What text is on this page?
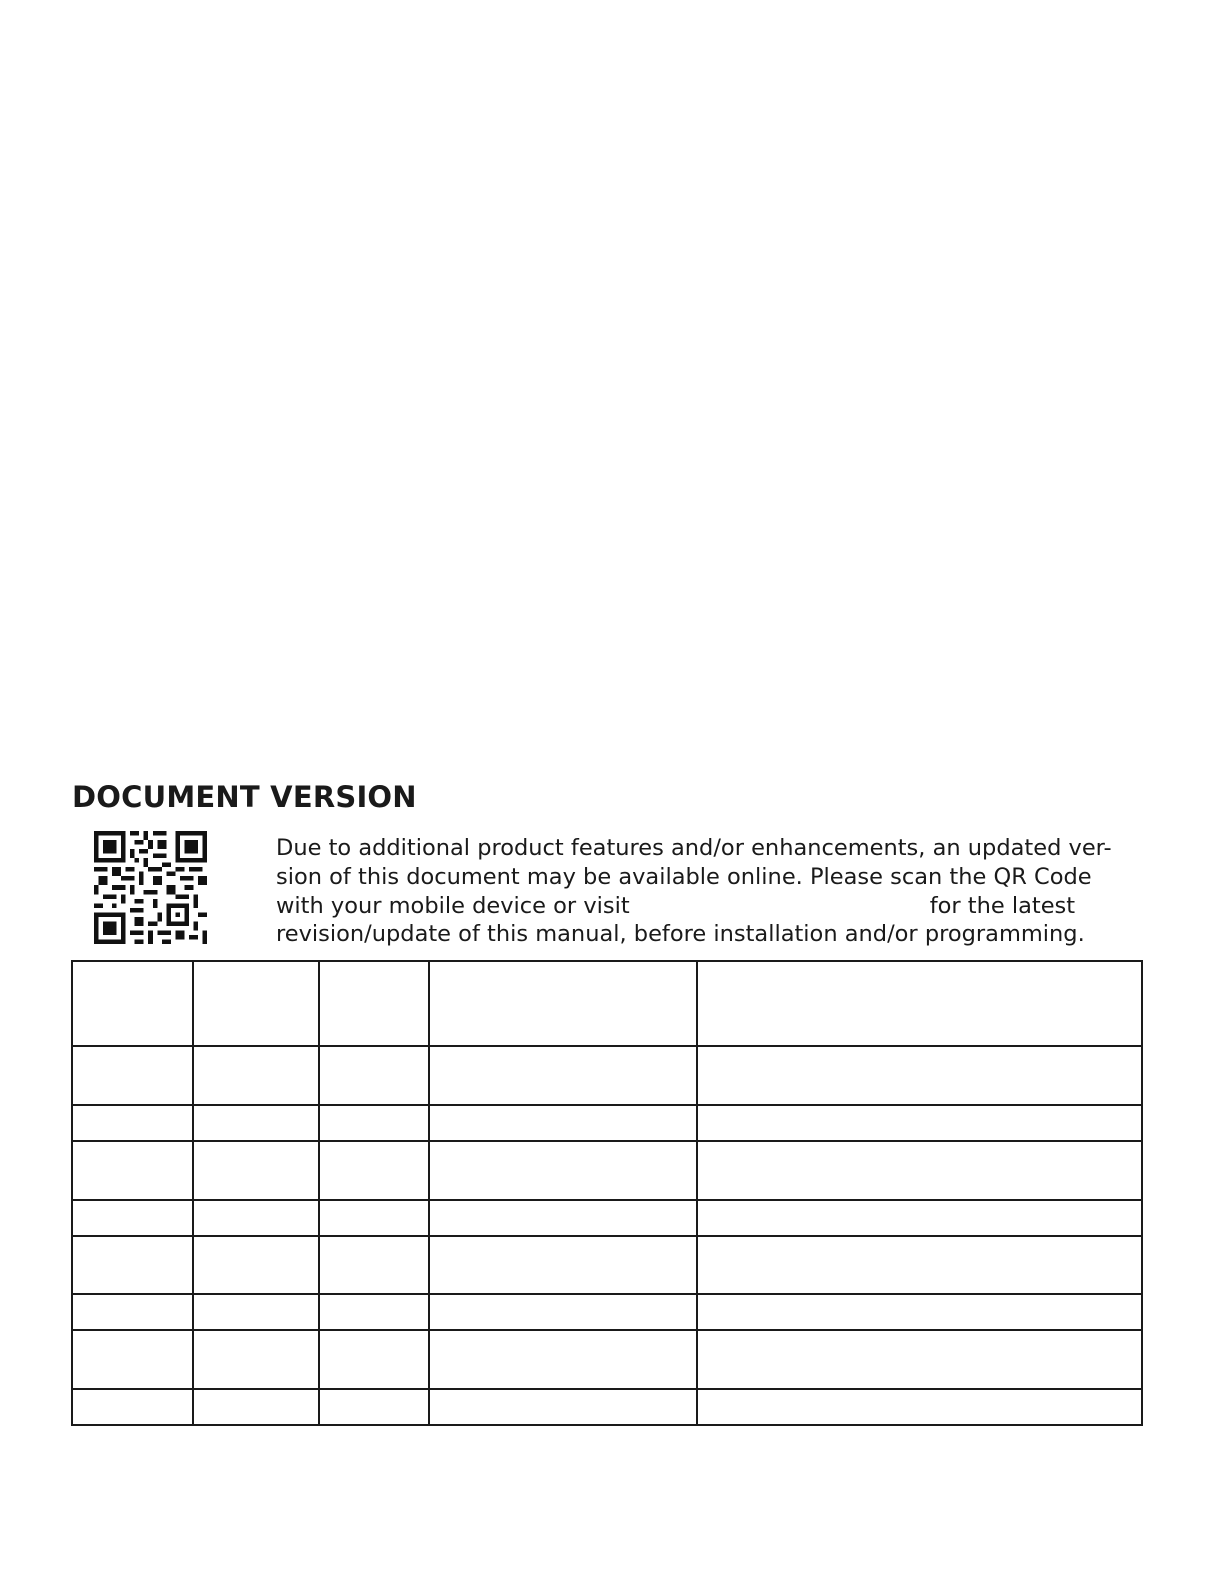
DOCUMENT VERSION

Due to additional product features and/or enhancements, an updated ver-
sion of this document may be available online. Please scan the QR Code
with your mobile device or visit	for the latest
revision/update of this manual, before installation and/or programming.
